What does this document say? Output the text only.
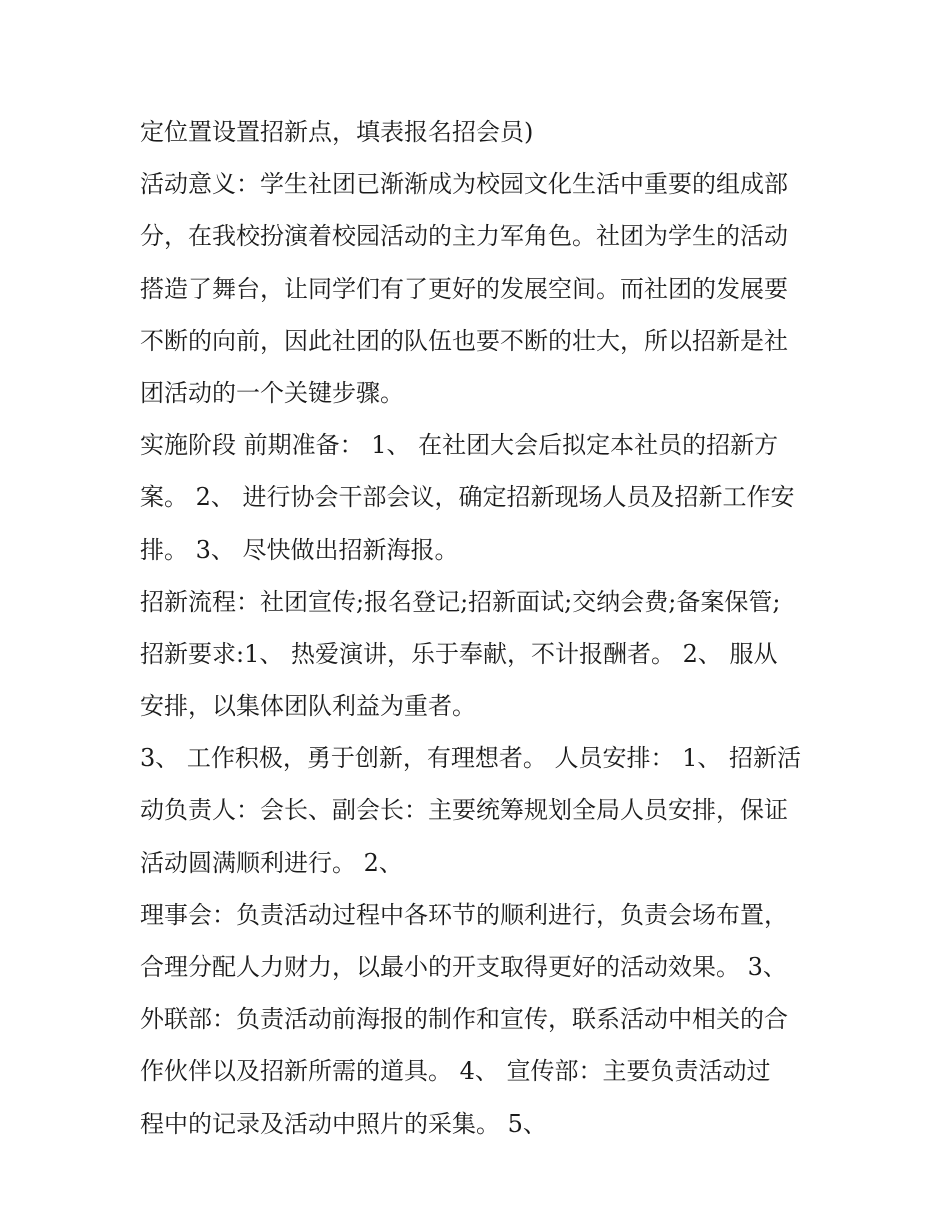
定位置设置招新点，填表报名招会员)
活动意义：学生社团已渐渐成为校园文化生活中重要的组成部
分，在我校扮演着校园活动的主力军角色。社团为学生的活动
搭造了舞台，让同学们有了更好的发展空间。而社团的发展要
不断的向前，因此社团的队伍也要不断的壮大，所以招新是社
团活动的一个关键步骤。
实施阶段 前期准备： 1、 在社团大会后拟定本社员的招新方
案。 2、 进行协会干部会议，确定招新现场人员及招新工作安
排。 3、 尽快做出招新海报。
招新流程：社团宣传;报名登记;招新面试;交纳会费;备案保管;
招新要求:1、 热爱演讲，乐于奉献，不计报酬者。 2、 服从
安排，以集体团队利益为重者。
3、 工作积极，勇于创新，有理想者。 人员安排： 1、 招新活
动负责人：会长、副会长：主要统筹规划全局人员安排，保证
活动圆满顺利进行。 2、
理事会：负责活动过程中各环节的顺利进行，负责会场布置，
合理分配人力财力，以最小的开支取得更好的活动效果。 3、
外联部：负责活动前海报的制作和宣传，联系活动中相关的合
作伙伴以及招新所需的道具。 4、 宣传部：主要负责活动过
程中的记录及活动中照片的采集。 5、
